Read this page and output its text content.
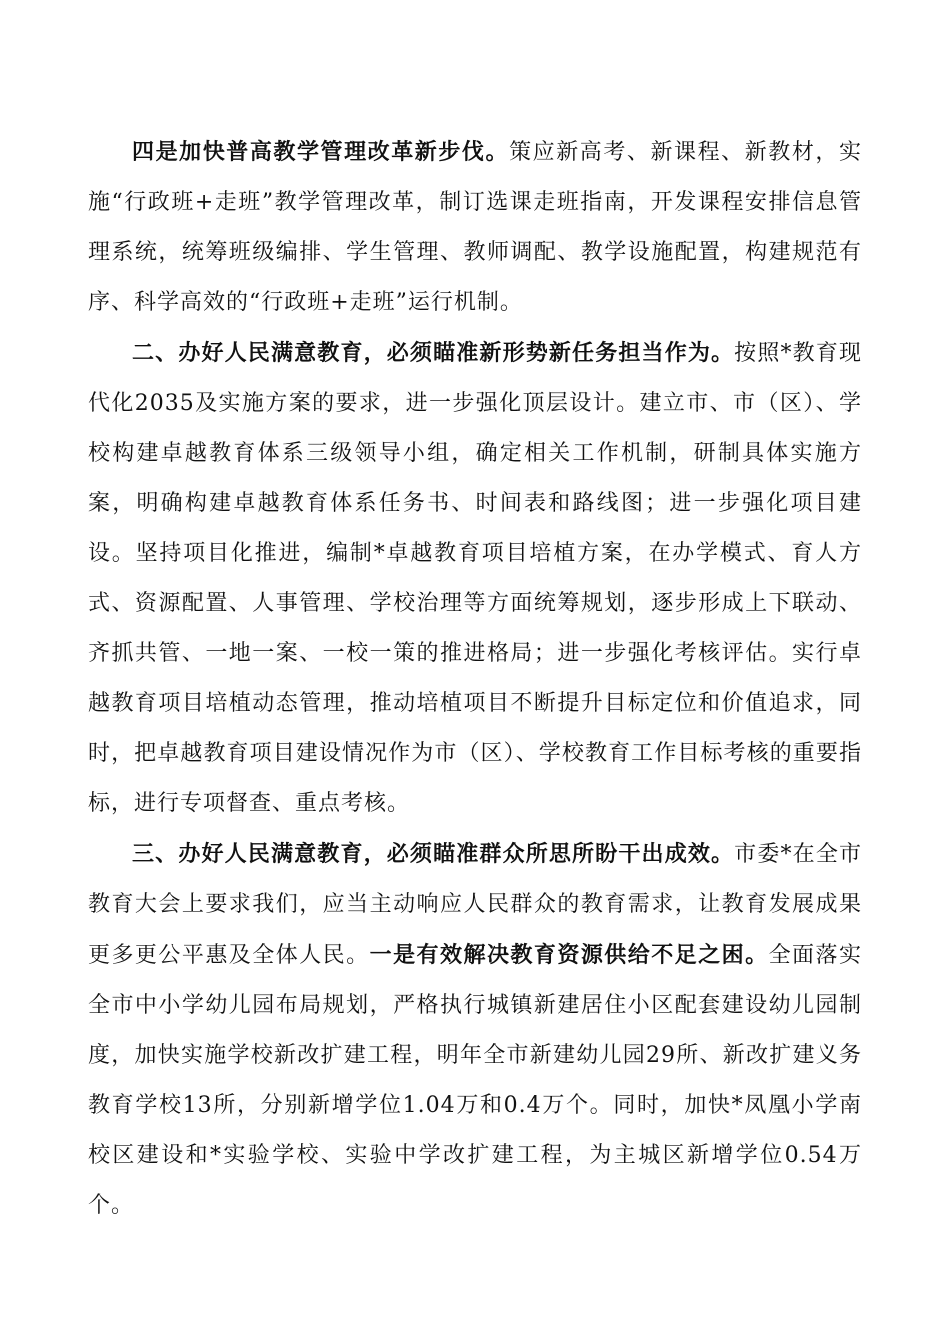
四是加快普高教学管理改革新步伐。策应新高考、新课程、新教材，实施“行政班+走班”教学管理改革，制订选课走班指南，开发课程安排信息管理系统，统筹班级编排、学生管理、教师调配、教学设施配置，构建规范有序、科学高效的“行政班+走班”运行机制。

二、办好人民满意教育，必须瞄准新形势新任务担当作为。按照*教育现代化2035及实施方案的要求，进一步强化顶层设计。建立市、市（区）、学校构建卓越教育体系三级领导小组，确定相关工作机制，研制具体实施方案，明确构建卓越教育体系任务书、时间表和路线图；进一步强化项目建设。坚持项目化推进，编制*卓越教育项目培植方案，在办学模式、育人方式、资源配置、人事管理、学校治理等方面统筹规划，逐步形成上下联动、齐抓共管、一地一案、一校一策的推进格局；进一步强化考核评估。实行卓越教育项目培植动态管理，推动培植项目不断提升目标定位和价值追求，同时，把卓越教育项目建设情况作为市（区）、学校教育工作目标考核的重要指标，进行专项督查、重点考核。

三、办好人民满意教育，必须瞄准群众所思所盼干出成效。市委*在全市教育大会上要求我们，应当主动响应人民群众的教育需求，让教育发展成果更多更公平惠及全体人民。一是有效解决教育资源供给不足之困。全面落实全市中小学幼儿园布局规划，严格执行城镇新建居住小区配套建设幼儿园制度，加快实施学校新改扩建工程，明年全市新建幼儿园29所、新改扩建义务教育学校13所，分别新增学位1.04万和0.4万个。同时，加快*凤凰小学南校区建设和*实验学校、实验中学改扩建工程，为主城区新增学位0.54万个。
